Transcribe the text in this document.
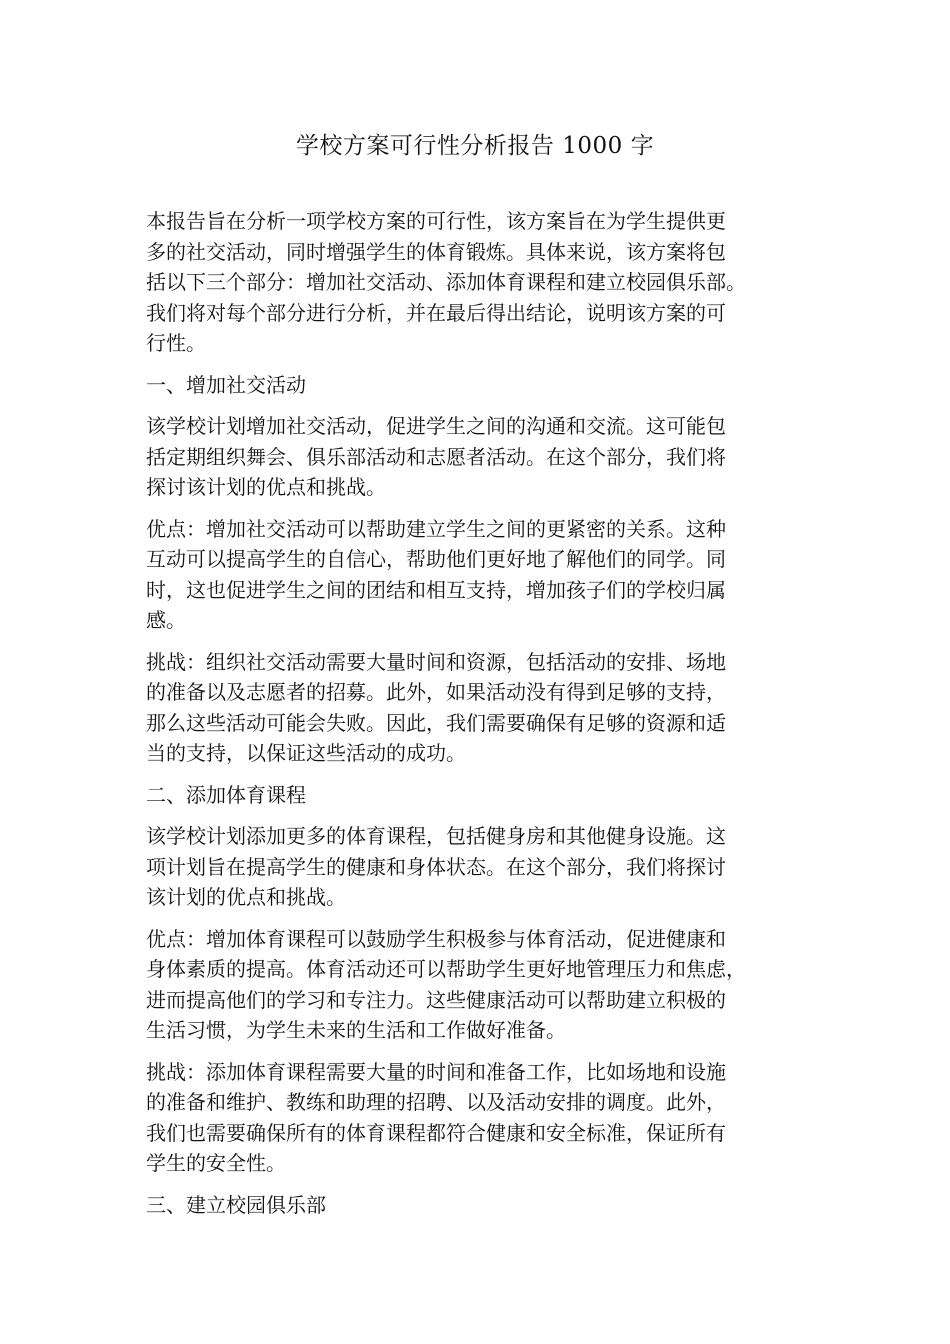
学校方案可行性分析报告 1000 字
本报告旨在分析一项学校方案的可行性，该方案旨在为学生提供更
多的社交活动，同时增强学生的体育锻炼。具体来说，该方案将包
括以下三个部分：增加社交活动、添加体育课程和建立校园俱乐部。
我们将对每个部分进行分析，并在最后得出结论，说明该方案的可
行性。
一、增加社交活动
该学校计划增加社交活动，促进学生之间的沟通和交流。这可能包
括定期组织舞会、俱乐部活动和志愿者活动。在这个部分，我们将
探讨该计划的优点和挑战。
优点：增加社交活动可以帮助建立学生之间的更紧密的关系。这种
互动可以提高学生的自信心，帮助他们更好地了解他们的同学。同
时，这也促进学生之间的团结和相互支持，增加孩子们的学校归属
感。
挑战：组织社交活动需要大量时间和资源，包括活动的安排、场地
的准备以及志愿者的招募。此外，如果活动没有得到足够的支持，
那么这些活动可能会失败。因此，我们需要确保有足够的资源和适
当的支持，以保证这些活动的成功。
二、添加体育课程
该学校计划添加更多的体育课程，包括健身房和其他健身设施。这
项计划旨在提高学生的健康和身体状态。在这个部分，我们将探讨
该计划的优点和挑战。
优点：增加体育课程可以鼓励学生积极参与体育活动，促进健康和
身体素质的提高。体育活动还可以帮助学生更好地管理压力和焦虑，
进而提高他们的学习和专注力。这些健康活动可以帮助建立积极的
生活习惯，为学生未来的生活和工作做好准备。
挑战：添加体育课程需要大量的时间和准备工作，比如场地和设施
的准备和维护、教练和助理的招聘、以及活动安排的调度。此外，
我们也需要确保所有的体育课程都符合健康和安全标准，保证所有
学生的安全性。
三、建立校园俱乐部
